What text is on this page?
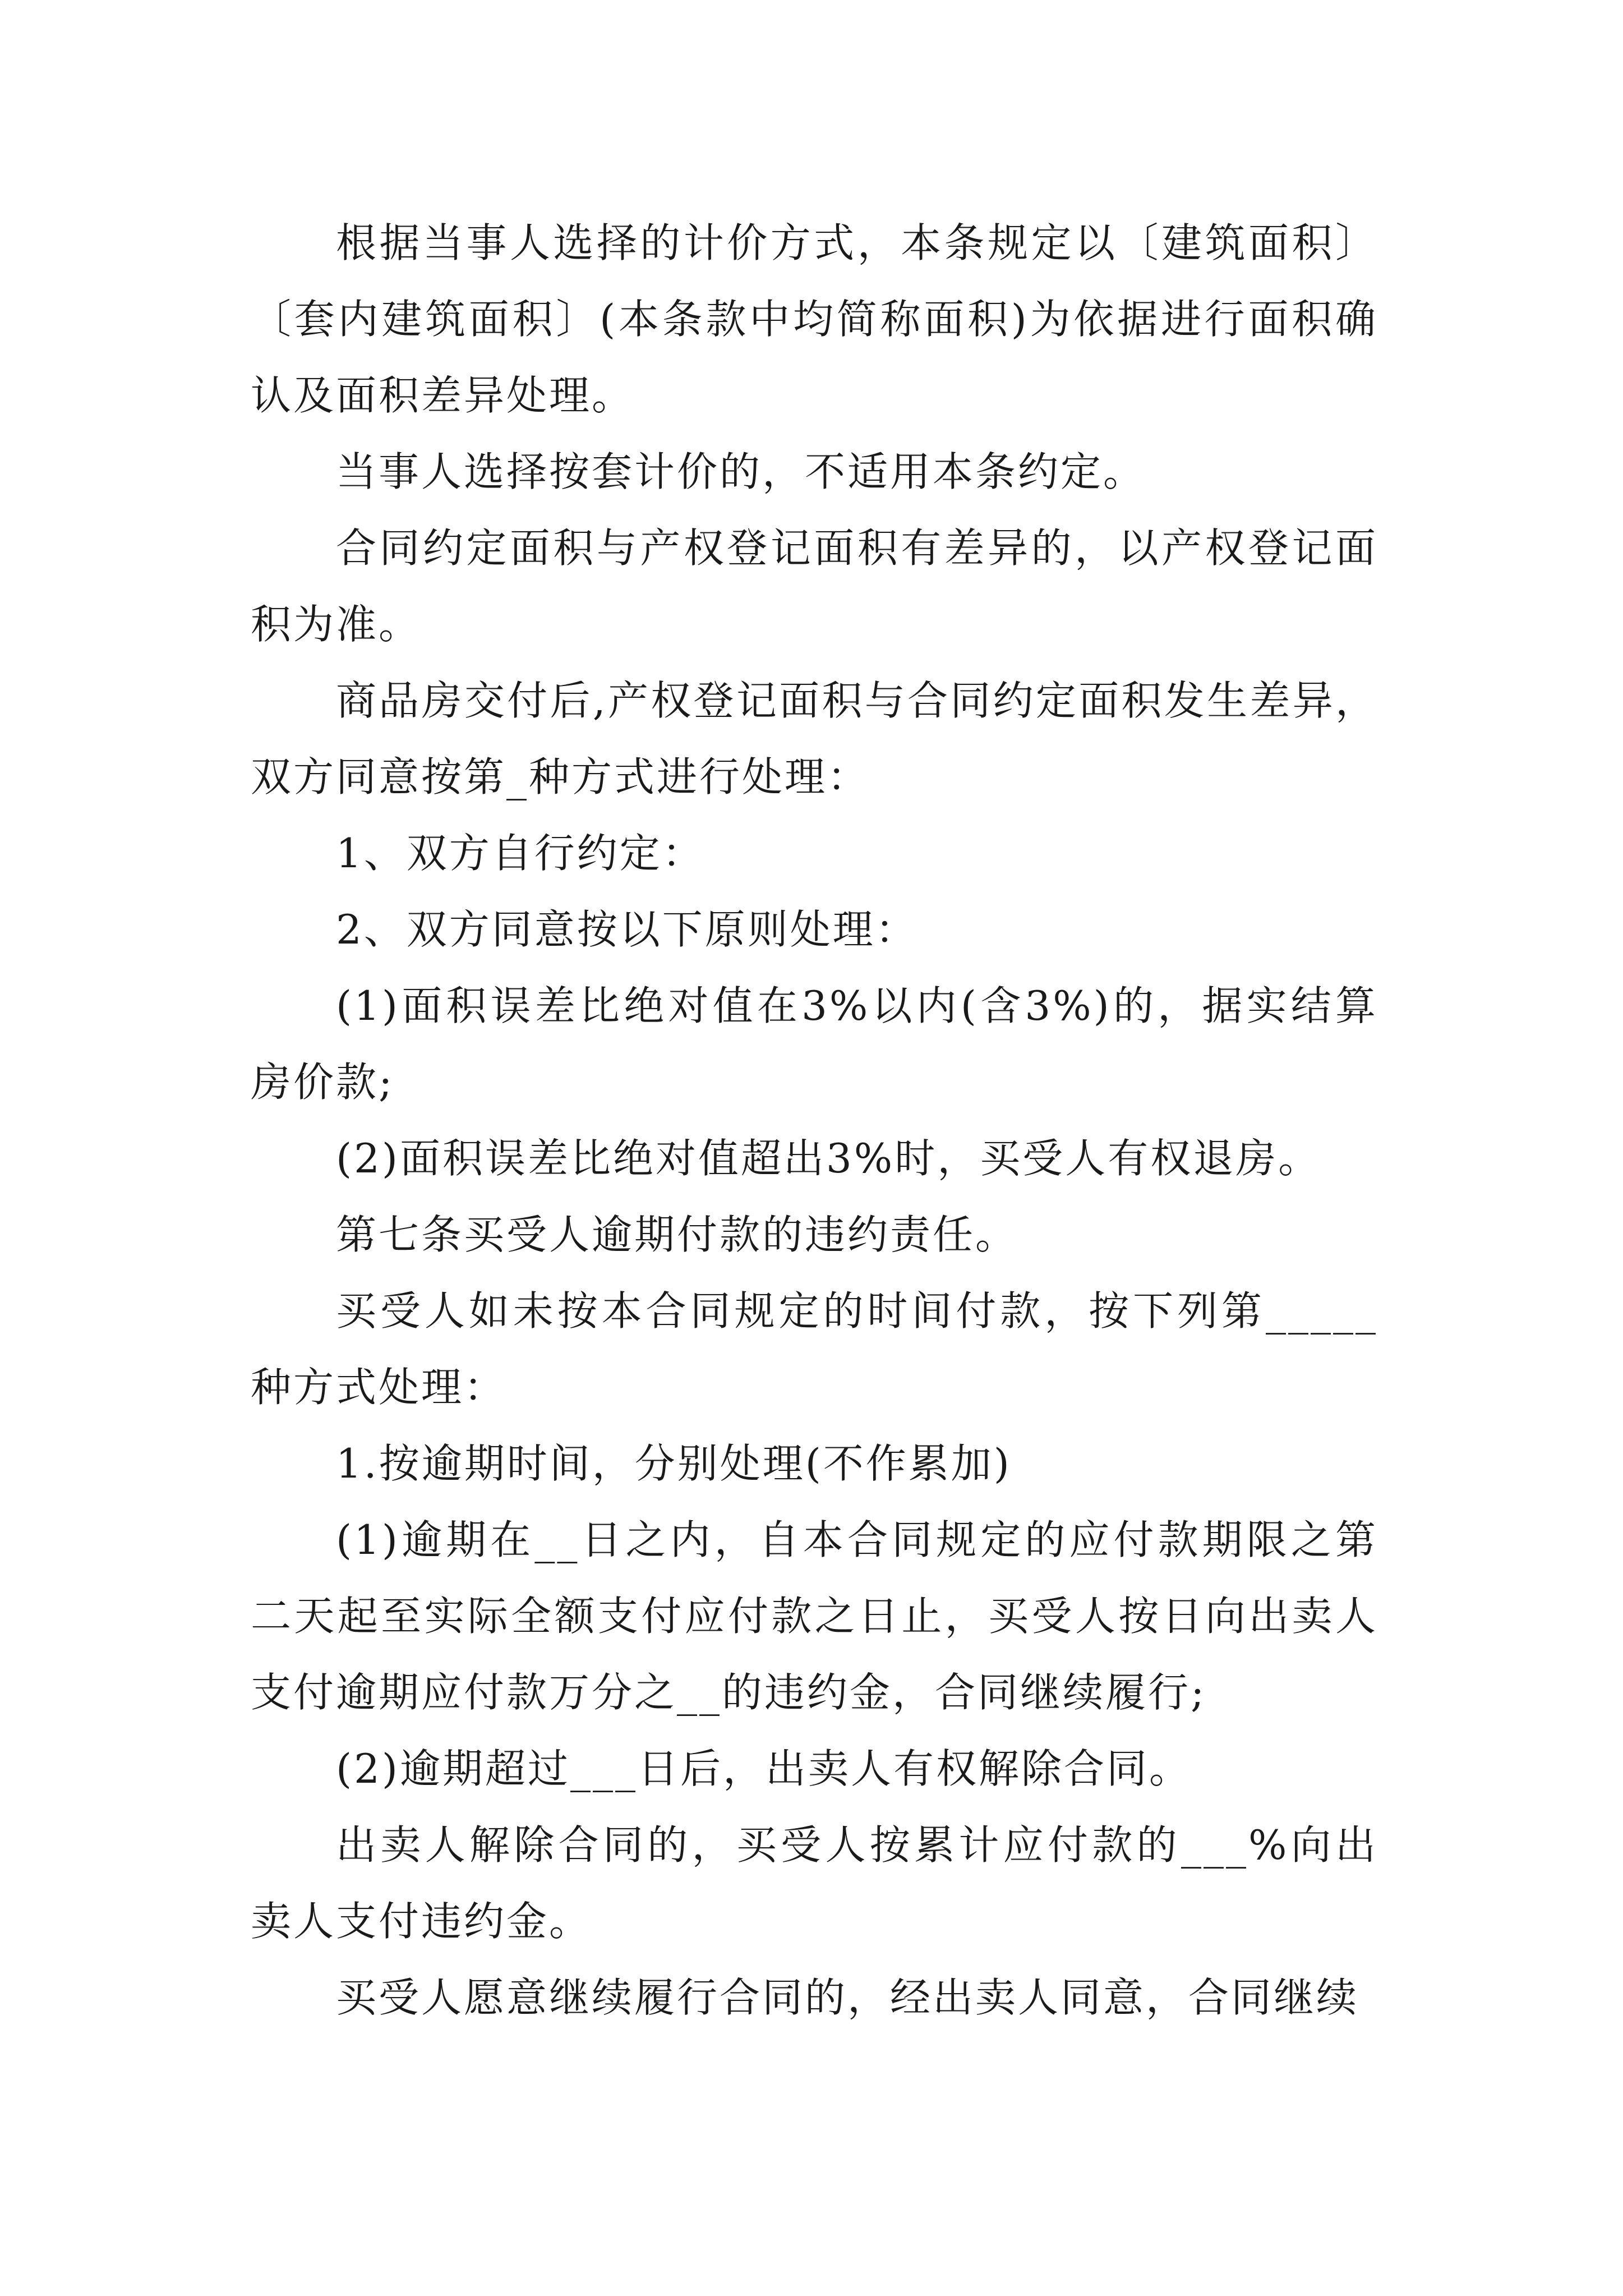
根据当事人选择的计价方式，本条规定以〔建筑面积〕〔套内建筑面积〕(本条款中均简称面积)为依据进行面积确认及面积差异处理。

当事人选择按套计价的，不适用本条约定。

合同约定面积与产权登记面积有差异的，以产权登记面积为准。

商品房交付后,产权登记面积与合同约定面积发生差异，双方同意按第_种方式进行处理：

1、双方自行约定：

2、双方同意按以下原则处理：

(1)面积误差比绝对值在3%以内(含3%)的，据实结算房价款;

(2)面积误差比绝对值超出3%时，买受人有权退房。

第七条买受人逾期付款的违约责任。

买受人如未按本合同规定的时间付款，按下列第_____种方式处理：

1.按逾期时间，分别处理(不作累加)

(1)逾期在__日之内，自本合同规定的应付款期限之第二天起至实际全额支付应付款之日止，买受人按日向出卖人支付逾期应付款万分之__的违约金，合同继续履行;

(2)逾期超过___日后，出卖人有权解除合同。

出卖人解除合同的，买受人按累计应付款的___%向出卖人支付违约金。

买受人愿意继续履行合同的，经出卖人同意，合同继续
